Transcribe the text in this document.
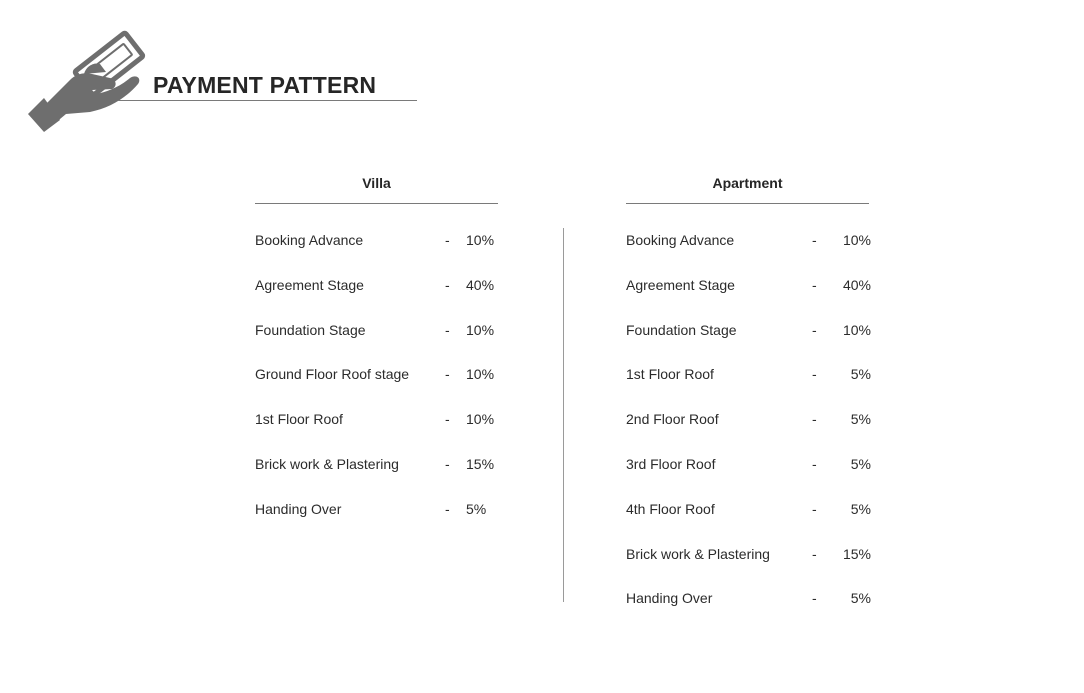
PAYMENT PATTERN
Villa
Booking Advance	- 10%
Agreement Stage	- 40%
Foundation Stage	- 10%
Ground Floor Roof stage	- 10%
1st Floor Roof	- 10%
Brick work & Plastering	- 15%
Handing Over	- 5%
Apartment
Booking Advance	- 10%
Agreement Stage	- 40%
Foundation Stage	- 10%
1st Floor Roof	- 5%
2nd Floor Roof	- 5%
3rd Floor Roof	- 5%
4th Floor Roof	- 5%
Brick work & Plastering	- 15%
Handing Over	- 5%
